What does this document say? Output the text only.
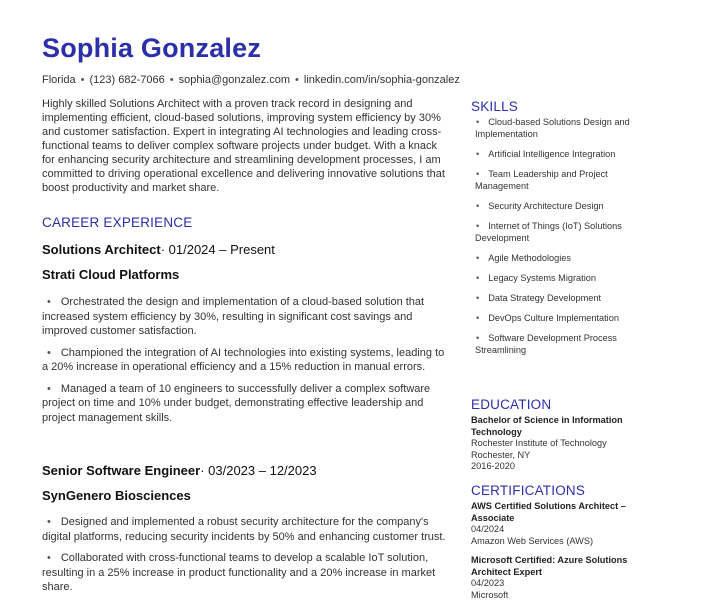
Sophia Gonzalez
Florida • (123) 682-7066 • sophia@gonzalez.com • linkedin.com/in/sophia-gonzalez

Highly skilled Solutions Architect with a proven track record in designing and implementing efficient, cloud-based solutions, improving system efficiency by 30% and customer satisfaction. Expert in integrating AI technologies and leading cross-functional teams to deliver complex software projects under budget. With a knack for enhancing security architecture and streamlining development processes, I am committed to driving operational excellence and delivering innovative solutions that boost productivity and market share.

CAREER EXPERIENCE
Solutions Architect· 01/2024 – Present
Strati Cloud Platforms
• Orchestrated the design and implementation of a cloud-based solution that increased system efficiency by 30%, resulting in significant cost savings and improved customer satisfaction.
• Championed the integration of AI technologies into existing systems, leading to a 20% increase in operational efficiency and a 15% reduction in manual errors.
• Managed a team of 10 engineers to successfully deliver a complex software project on time and 10% under budget, demonstrating effective leadership and project management skills.
Senior Software Engineer· 03/2023 – 12/2023
SynGenero Biosciences
• Designed and implemented a robust security architecture for the company's digital platforms, reducing security incidents by 50% and enhancing customer trust.
• Collaborated with cross-functional teams to develop a scalable IoT solution, resulting in a 25% increase in product functionality and a 20% increase in market share.
SKILLS
• Cloud-based Solutions Design and Implementation
• Artificial Intelligence Integration
• Team Leadership and Project Management
• Security Architecture Design
• Internet of Things (IoT) Solutions Development
• Agile Methodologies
• Legacy Systems Migration
• Data Strategy Development
• DevOps Culture Implementation
• Software Development Process Streamlining
EDUCATION
Bachelor of Science in Information Technology
Rochester Institute of Technology
Rochester, NY
2016-2020
CERTIFICATIONS
AWS Certified Solutions Architect – Associate
04/2024
Amazon Web Services (AWS)
Microsoft Certified: Azure Solutions Architect Expert
04/2023
Microsoft
